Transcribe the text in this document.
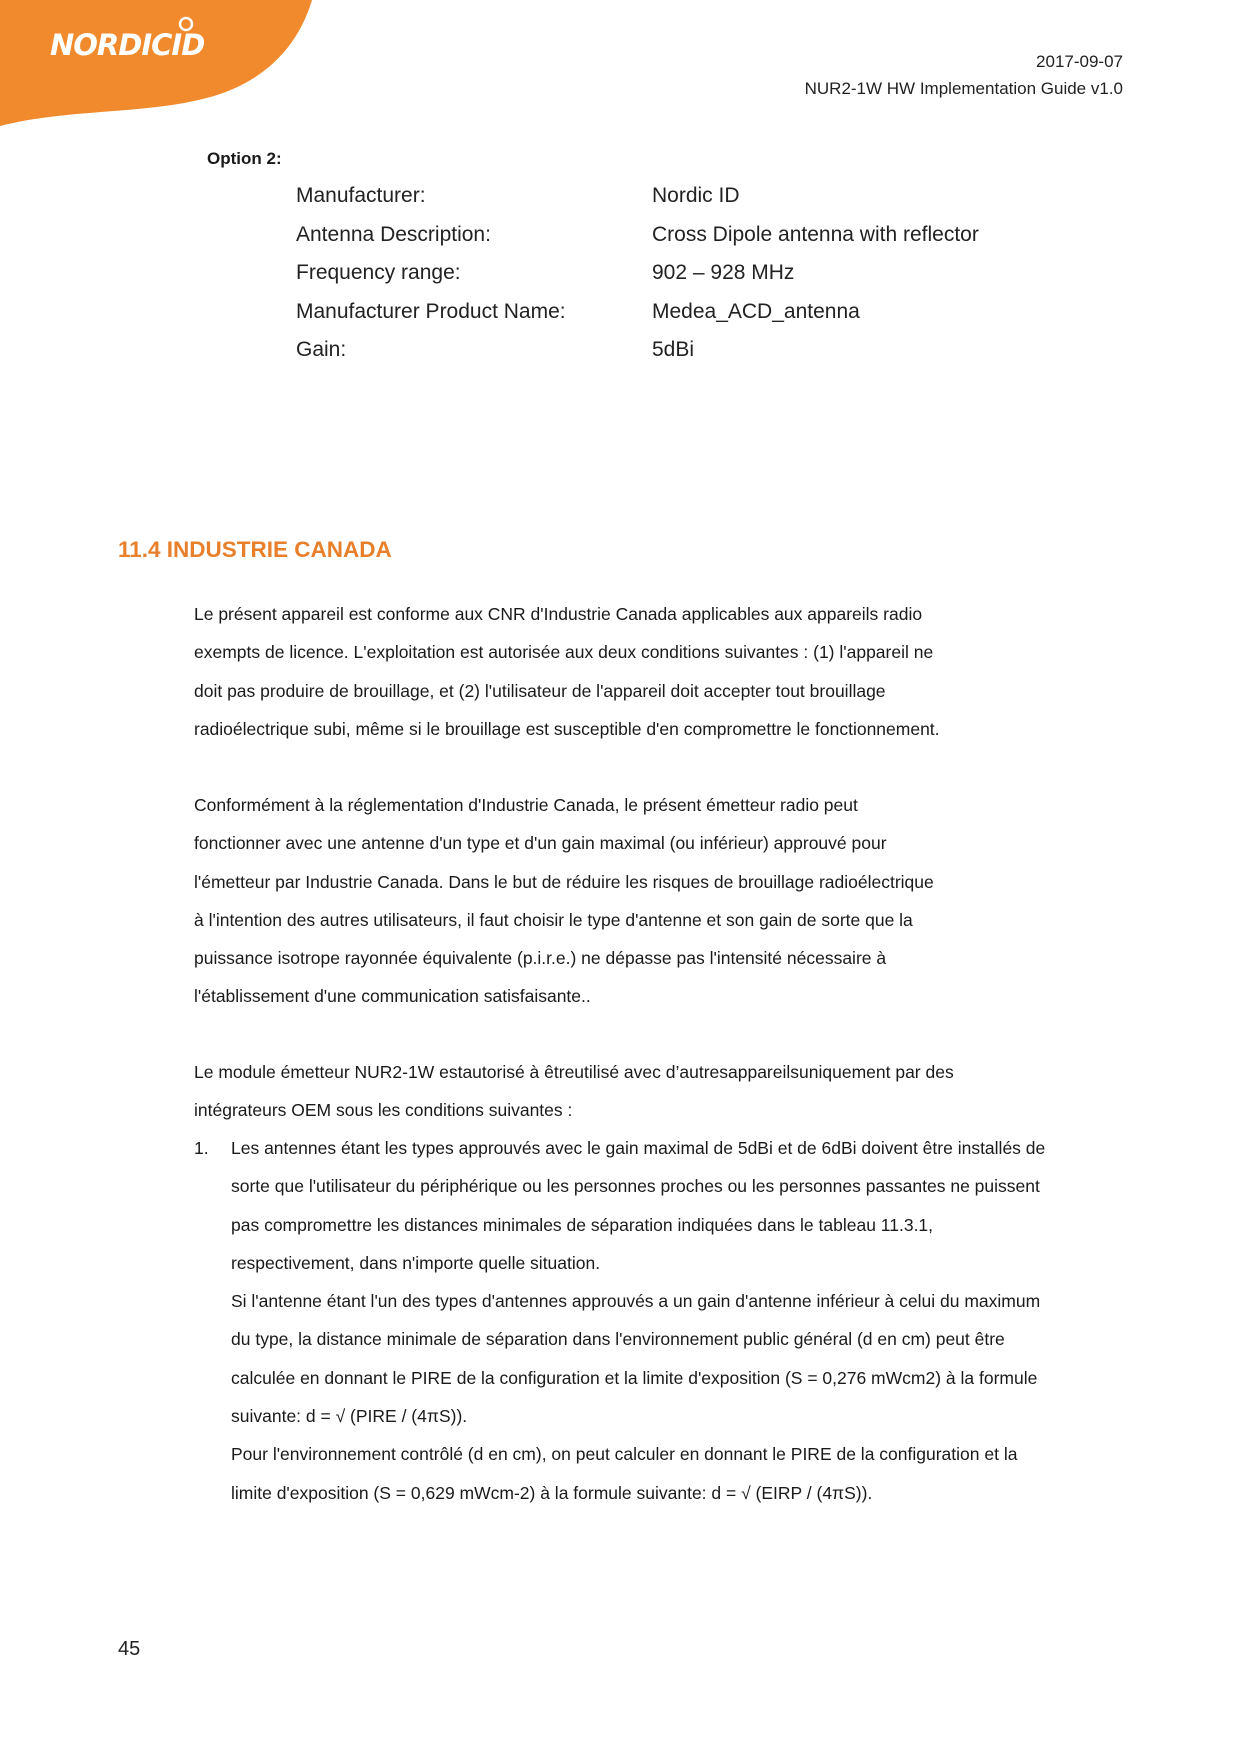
NORDICID	2017-09-07
NUR2-1W HW Implementation Guide v1.0
Option 2:
Manufacturer:	Nordic ID
Antenna Description:	Cross Dipole antenna with reflector
Frequency range:	902 – 928 MHz
Manufacturer Product Name:	Medea_ACD_antenna
Gain:	5dBi
11.4 INDUSTRIE CANADA

Le présent appareil est conforme aux CNR d'Industrie Canada applicables aux appareils radio

exempts de licence. L'exploitation est autorisée aux deux conditions suivantes : (1) l'appareil ne

doit pas produire de brouillage, et (2) l'utilisateur de l'appareil doit accepter tout brouillage

radioélectrique subi, même si le brouillage est susceptible d'en compromettre le fonctionnement.

Conformément à la réglementation d'Industrie Canada, le présent émetteur radio peut

fonctionner avec une antenne d'un type et d'un gain maximal (ou inférieur) approuvé pour

l'émetteur par Industrie Canada. Dans le but de réduire les risques de brouillage radioélectrique

à l'intention des autres utilisateurs, il faut choisir le type d'antenne et son gain de sorte que la

puissance isotrope rayonnée équivalente (p.i.r.e.) ne dépasse pas l'intensité nécessaire à

l'établissement d'une communication satisfaisante..

Le module émetteur NUR2-1W estautorisé à êtreutilisé avec d’autresappareilsuniquement par des

intégrateurs OEM sous les conditions suivantes :

1. Les antennes étant les types approuvés avec le gain maximal de 5dBi et de 6dBi doivent être installés de

sorte que l'utilisateur du périphérique ou les personnes proches ou les personnes passantes ne puissent

pas compromettre les distances minimales de séparation indiquées dans le tableau 11.3.1,

respectivement, dans n'importe quelle situation.

Si l'antenne étant l'un des types d'antennes approuvés a un gain d'antenne inférieur à celui du maximum

du type, la distance minimale de séparation dans l'environnement public général (d en cm) peut être

calculée en donnant le PIRE de la configuration et la limite d'exposition (S = 0,276 mWcm2) à la formule

suivante: d = √ (PIRE / (4πS)).

Pour l'environnement contrôlé (d en cm), on peut calculer en donnant le PIRE de la configuration et la

limite d'exposition (S = 0,629 mWcm-2) à la formule suivante: d = √ (EIRP / (4πS)).

45
